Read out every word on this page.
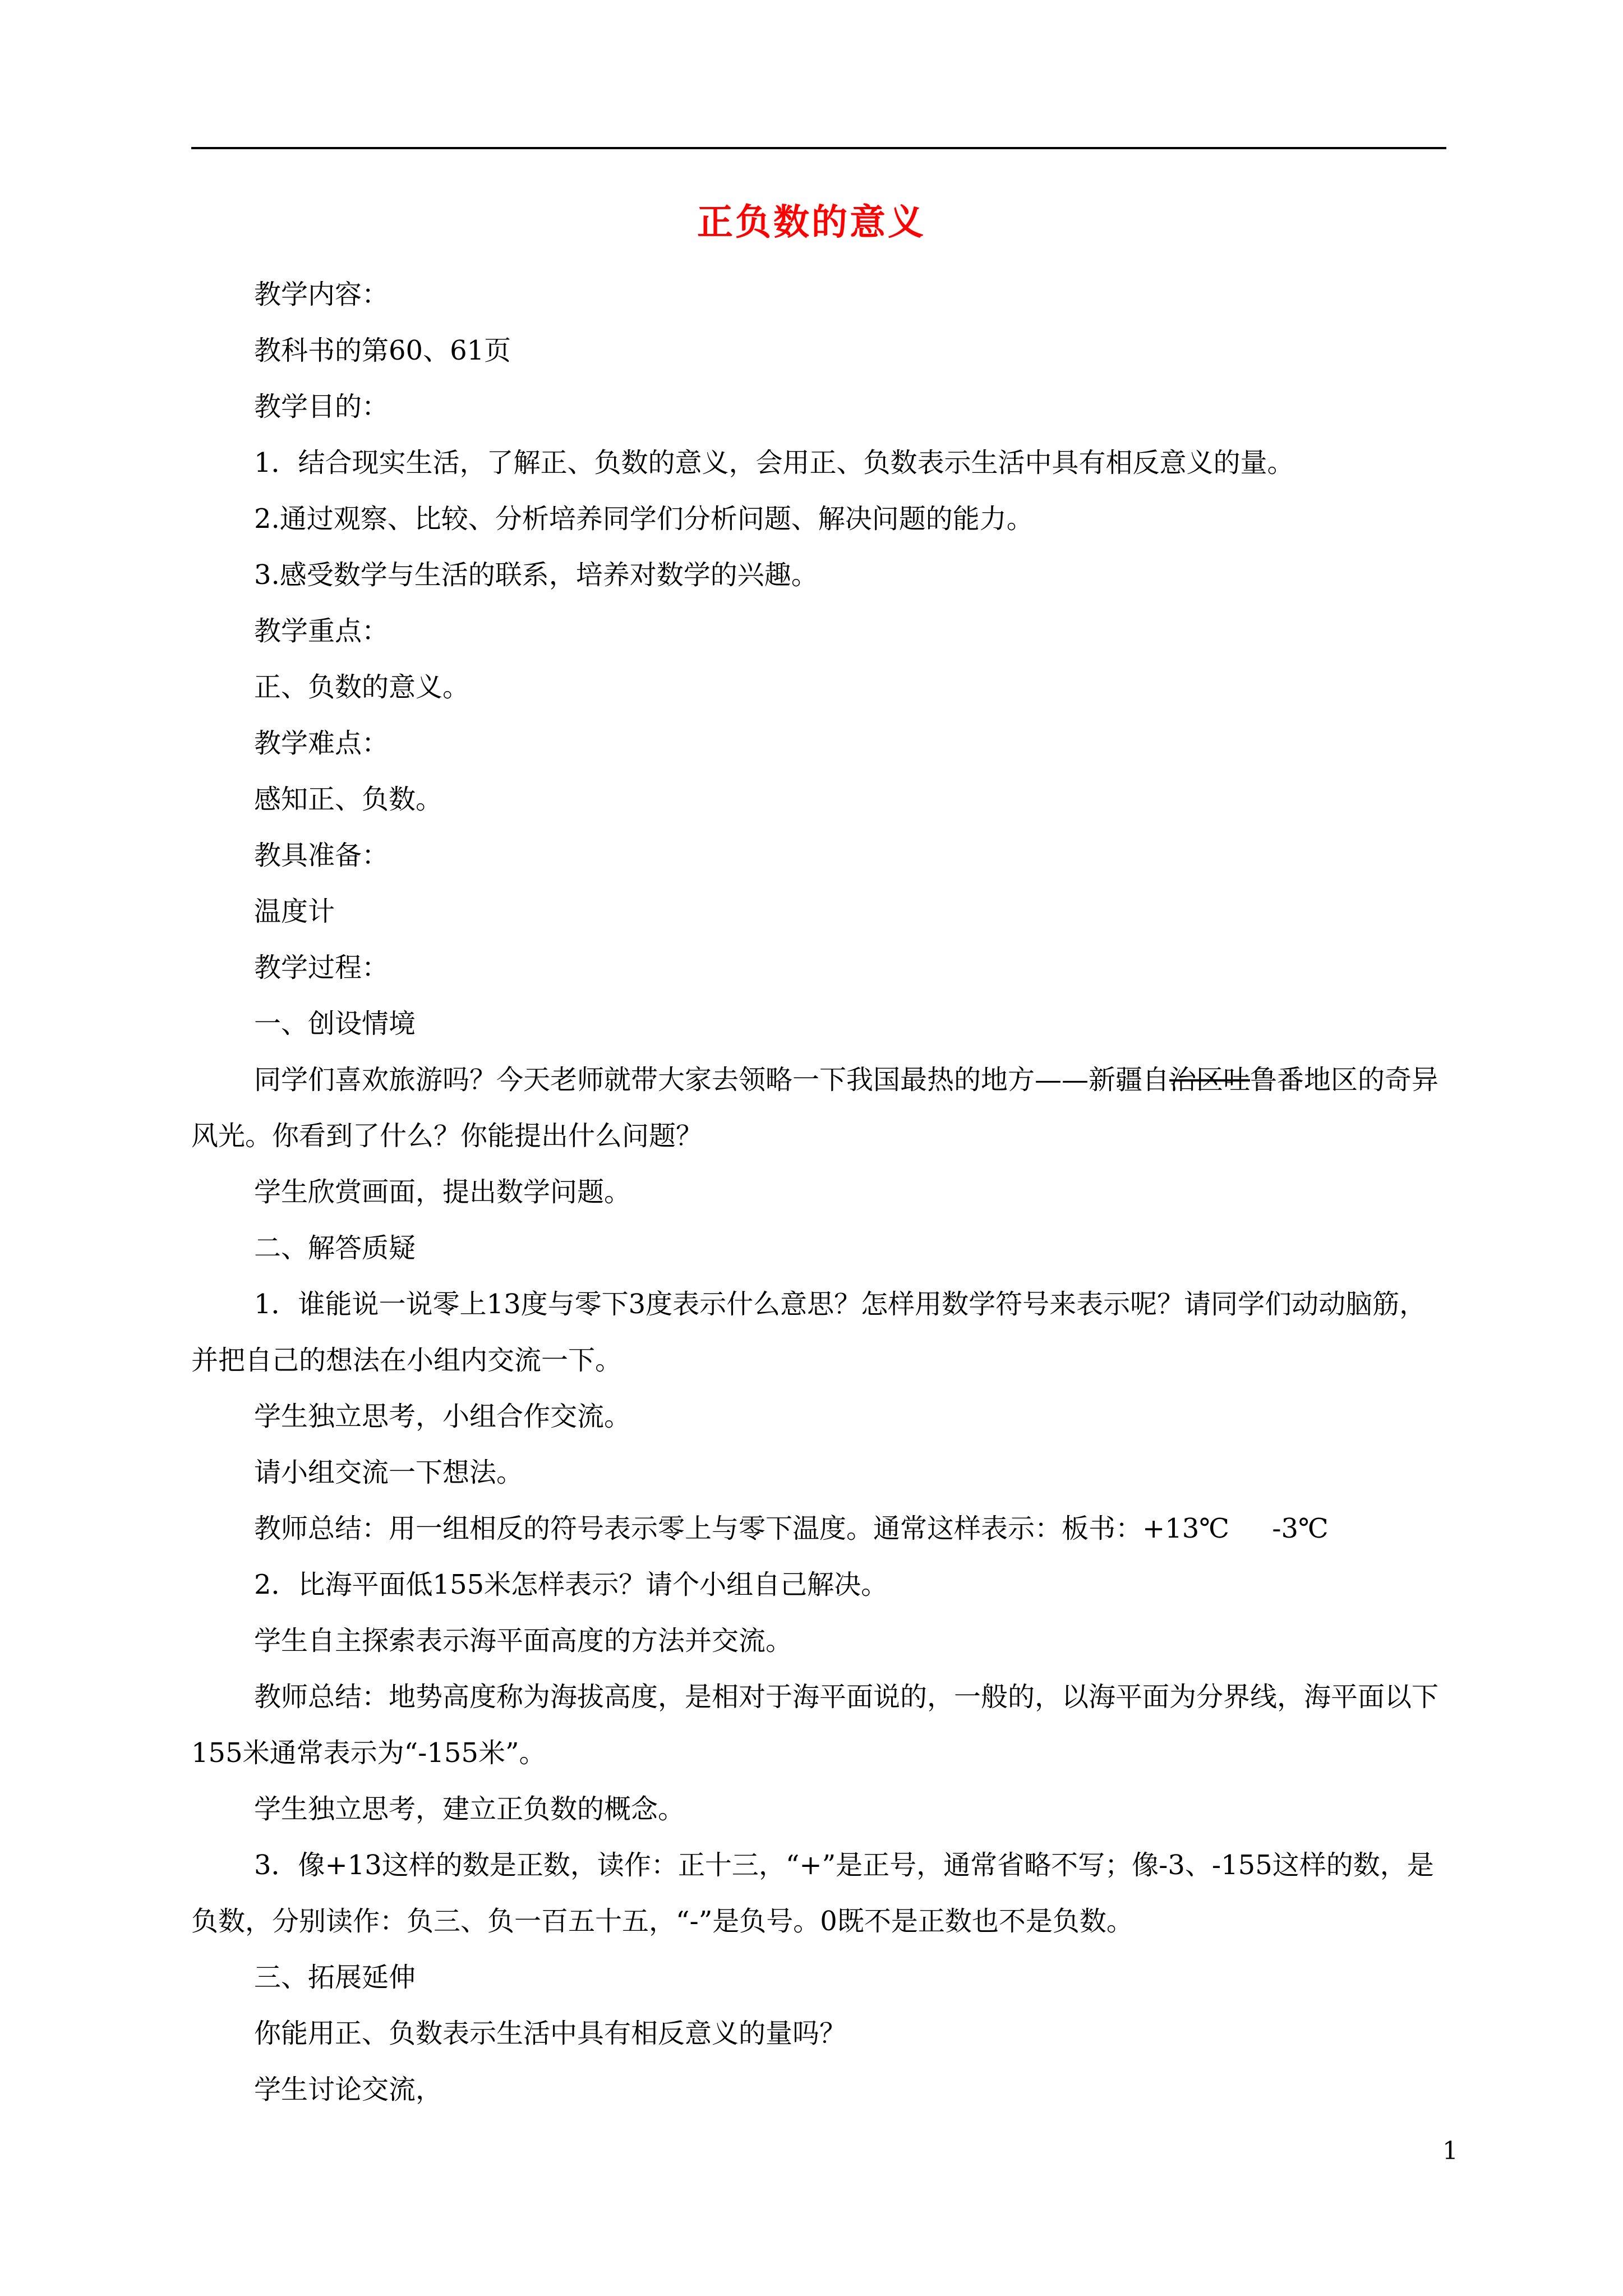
正负数的意义

教学内容：

教科书的第60、61页

教学目的：

1．结合现实生活，了解正、负数的意义，会用正、负数表示生活中具有相反意义的量。

2.通过观察、比较、分析培养同学们分析问题、解决问题的能力。

3.感受数学与生活的联系，培养对数学的兴趣。

教学重点：

正、负数的意义。

教学难点：

感知正、负数。

教具准备：

温度计

教学过程：

一、创设情境

同学们喜欢旅游吗？今天老师就带大家去领略一下我国最热的地方——新疆自治区吐鲁番地区的奇异风光。你看到了什么？你能提出什么问题？

学生欣赏画面，提出数学问题。

二、解答质疑

1．谁能说一说零上13度与零下3度表示什么意思？怎样用数学符号来表示呢？请同学们动动脑筋，并把自己的想法在小组内交流一下。

学生独立思考，小组合作交流。

请小组交流一下想法。

教师总结：用一组相反的符号表示零上与零下温度。通常这样表示：板书：+13℃     -3℃

2．比海平面低155米怎样表示？请个小组自己解决。

学生自主探索表示海平面高度的方法并交流。

教师总结：地势高度称为海拔高度，是相对于海平面说的，一般的，以海平面为分界线，海平面以下155米通常表示为“-155米”。

学生独立思考，建立正负数的概念。

3．像+13这样的数是正数，读作：正十三，“+”是正号，通常省略不写；像-3、-155这样的数，是负数，分别读作：负三、负一百五十五，“-”是负号。0既不是正数也不是负数。

三、拓展延伸

你能用正、负数表示生活中具有相反意义的量吗？

学生讨论交流，

1
